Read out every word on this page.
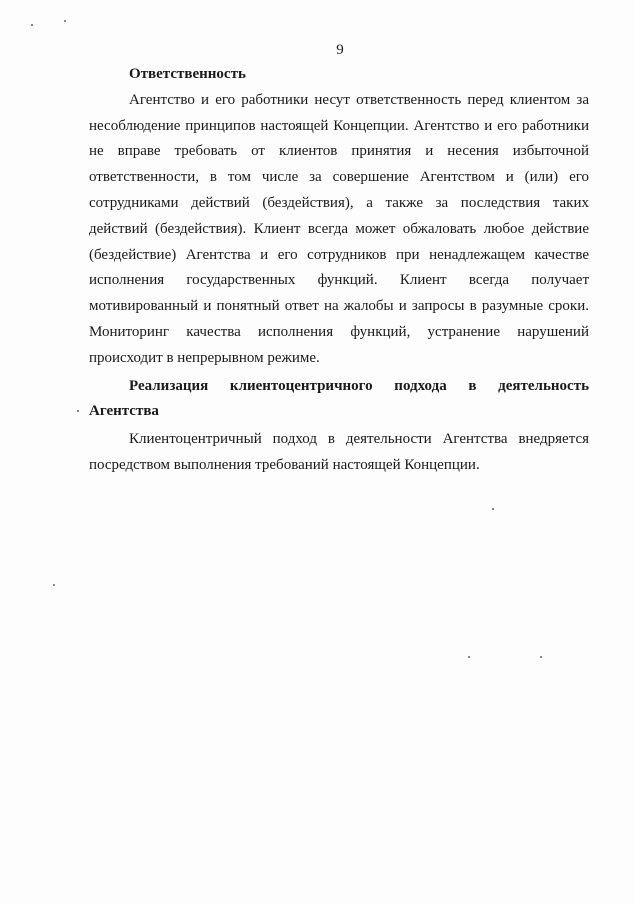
9

Ответственность

Агентство и его работники несут ответственность перед клиентом за несоблюдение принципов настоящей Концепции. Агентство и его работники не вправе требовать от клиентов принятия и несения избыточной ответственности, в том числе за совершение Агентством и (или) его сотрудниками действий (бездействия), а также за последствия таких действий (бездействия). Клиент всегда может обжаловать любое действие (бездействие) Агентства и его сотрудников при ненадлежащем качестве исполнения государственных функций. Клиент всегда получает мотивированный и понятный ответ на жалобы и запросы в разумные сроки. Мониторинг качества исполнения функций, устранение нарушений происходит в непрерывном режиме.

Реализация клиентоцентричного подхода в деятельность
Агентства

Клиентоцентричный подход в деятельности Агентства внедряется посредством выполнения требований настоящей Концепции.
